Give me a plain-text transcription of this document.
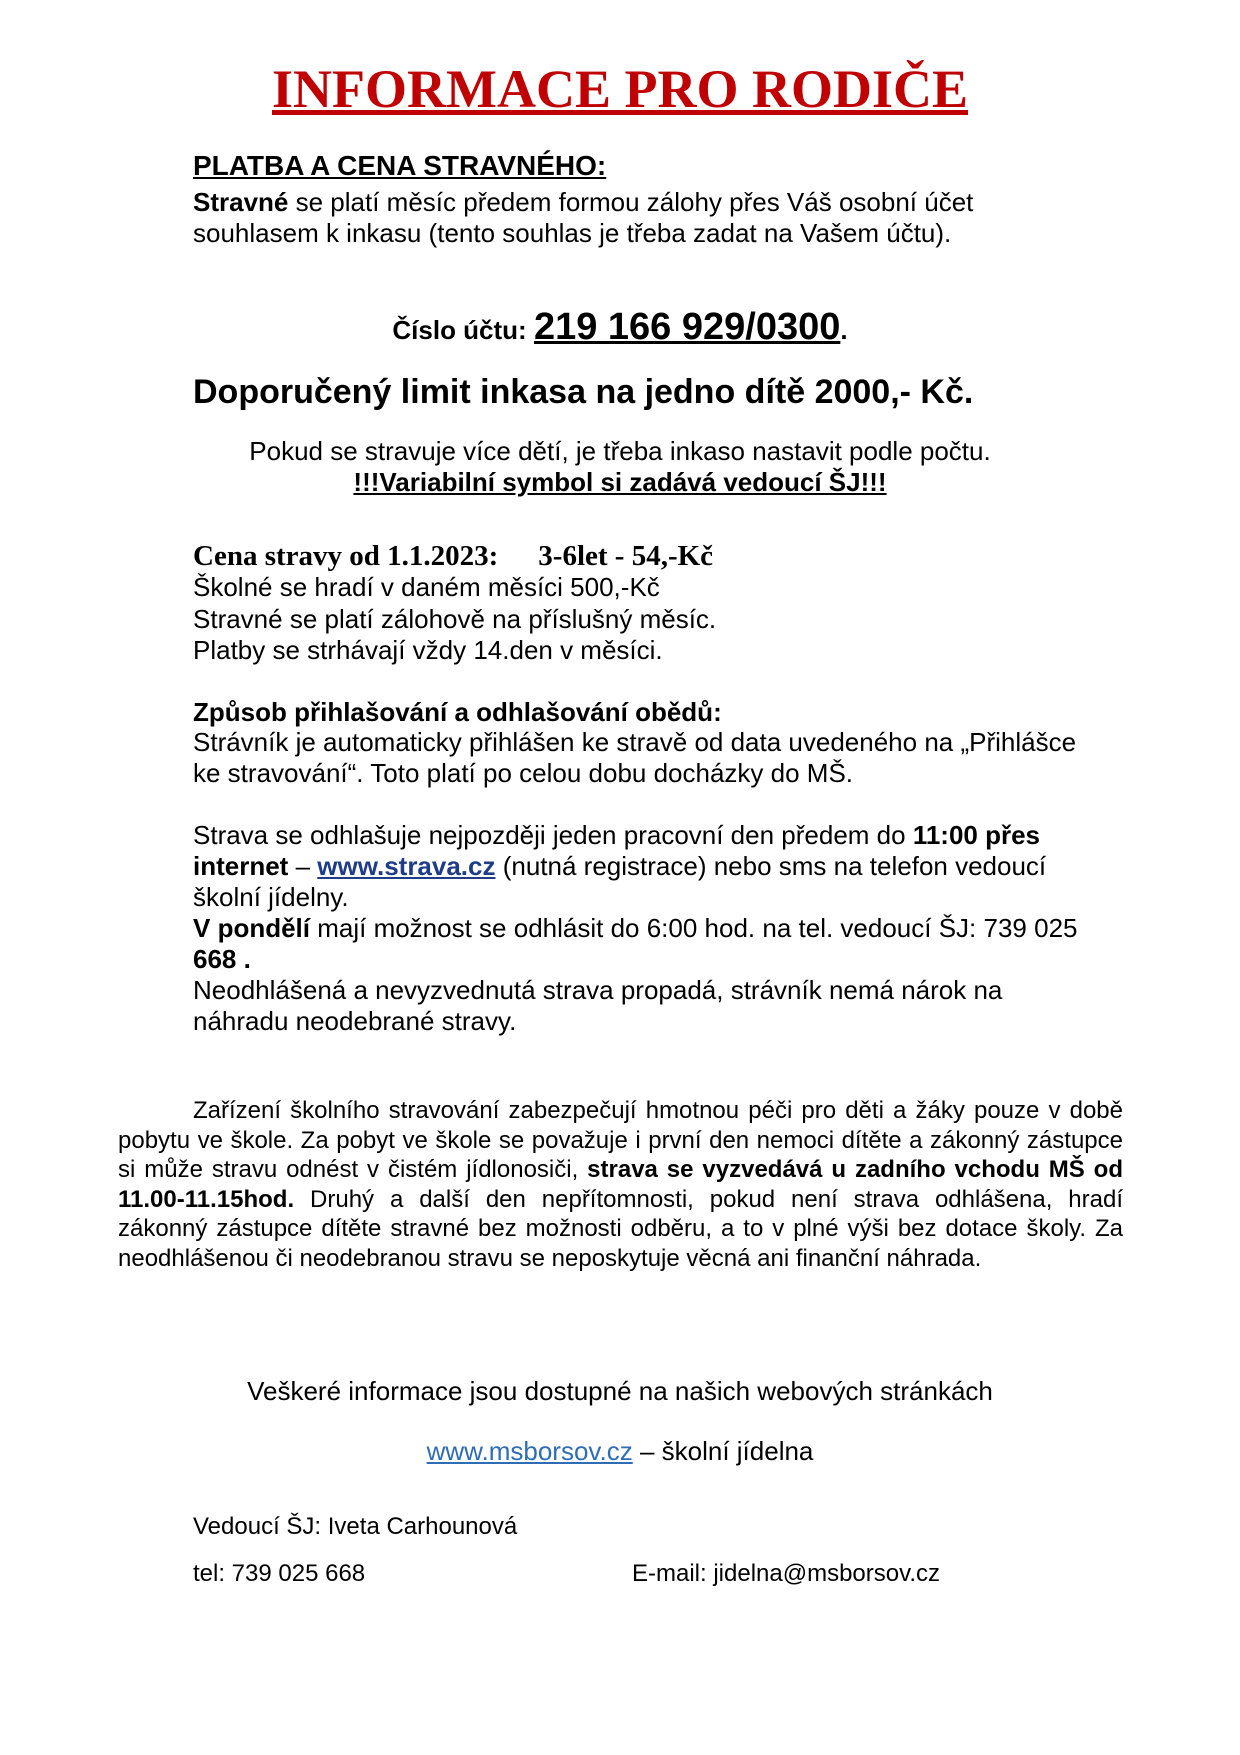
INFORMACE PRO RODIČE
PLATBA A CENA STRAVNÉHO:
Stravné se platí měsíc předem formou zálohy přes Váš osobní účet
souhlasem k inkasu (tento souhlas je třeba zadat na Vašem účtu).
Číslo účtu: 219 166 929/0300.
Doporučený limit inkasa na jedno dítě 2000,- Kč.
Pokud se stravuje více dětí, je třeba inkaso nastavit podle počtu.
!!!Variabilní symbol si zadává vedoucí ŠJ!!!
Cena stravy od 1.1.2023: 3-6let - 54,-Kč
Školné se hradí v daném měsíci 500,-Kč
Stravné se platí zálohově na příslušný měsíc.
Platby se strhávají vždy 14.den v měsíci.
Způsob přihlašování a odhlašování obědů:
Strávník je automaticky přihlášen ke stravě od data uvedeného na „Přihlášce
ke stravování“. Toto platí po celou dobu docházky do MŠ.
Strava se odhlašuje nejpozději jeden pracovní den předem do 11:00 přes
internet – www.strava.cz (nutná registrace) nebo sms na telefon vedoucí
školní jídelny.
V pondělí mají možnost se odhlásit do 6:00 hod. na tel. vedoucí ŠJ: 739 025
668 .
Neodhlášená a nevyzvednutá strava propadá, strávník nemá nárok na
náhradu neodebrané stravy.

Zařízení školního stravování zabezpečují hmotnou péči pro děti a žáky pouze v době pobytu ve škole. Za pobyt ve škole se považuje i první den nemoci dítěte a zákonný zástupce si může stravu odnést v čistém jídlonosiči, strava se vyzvedává u zadního vchodu MŠ od 11.00-11.15hod. Druhý a další den nepřítomnosti, pokud není strava odhlášena, hradí zákonný zástupce dítěte stravné bez možnosti odběru, a to v plné výši bez dotace školy. Za neodhlášenou či neodebranou stravu se neposkytuje věcná ani finanční náhrada.

Veškeré informace jsou dostupné na našich webových stránkách
www.msborsov.cz – školní jídelna
Vedoucí ŠJ: Iveta Carhounová
tel: 739 025 668	E-mail: jidelna@msborsov.cz
